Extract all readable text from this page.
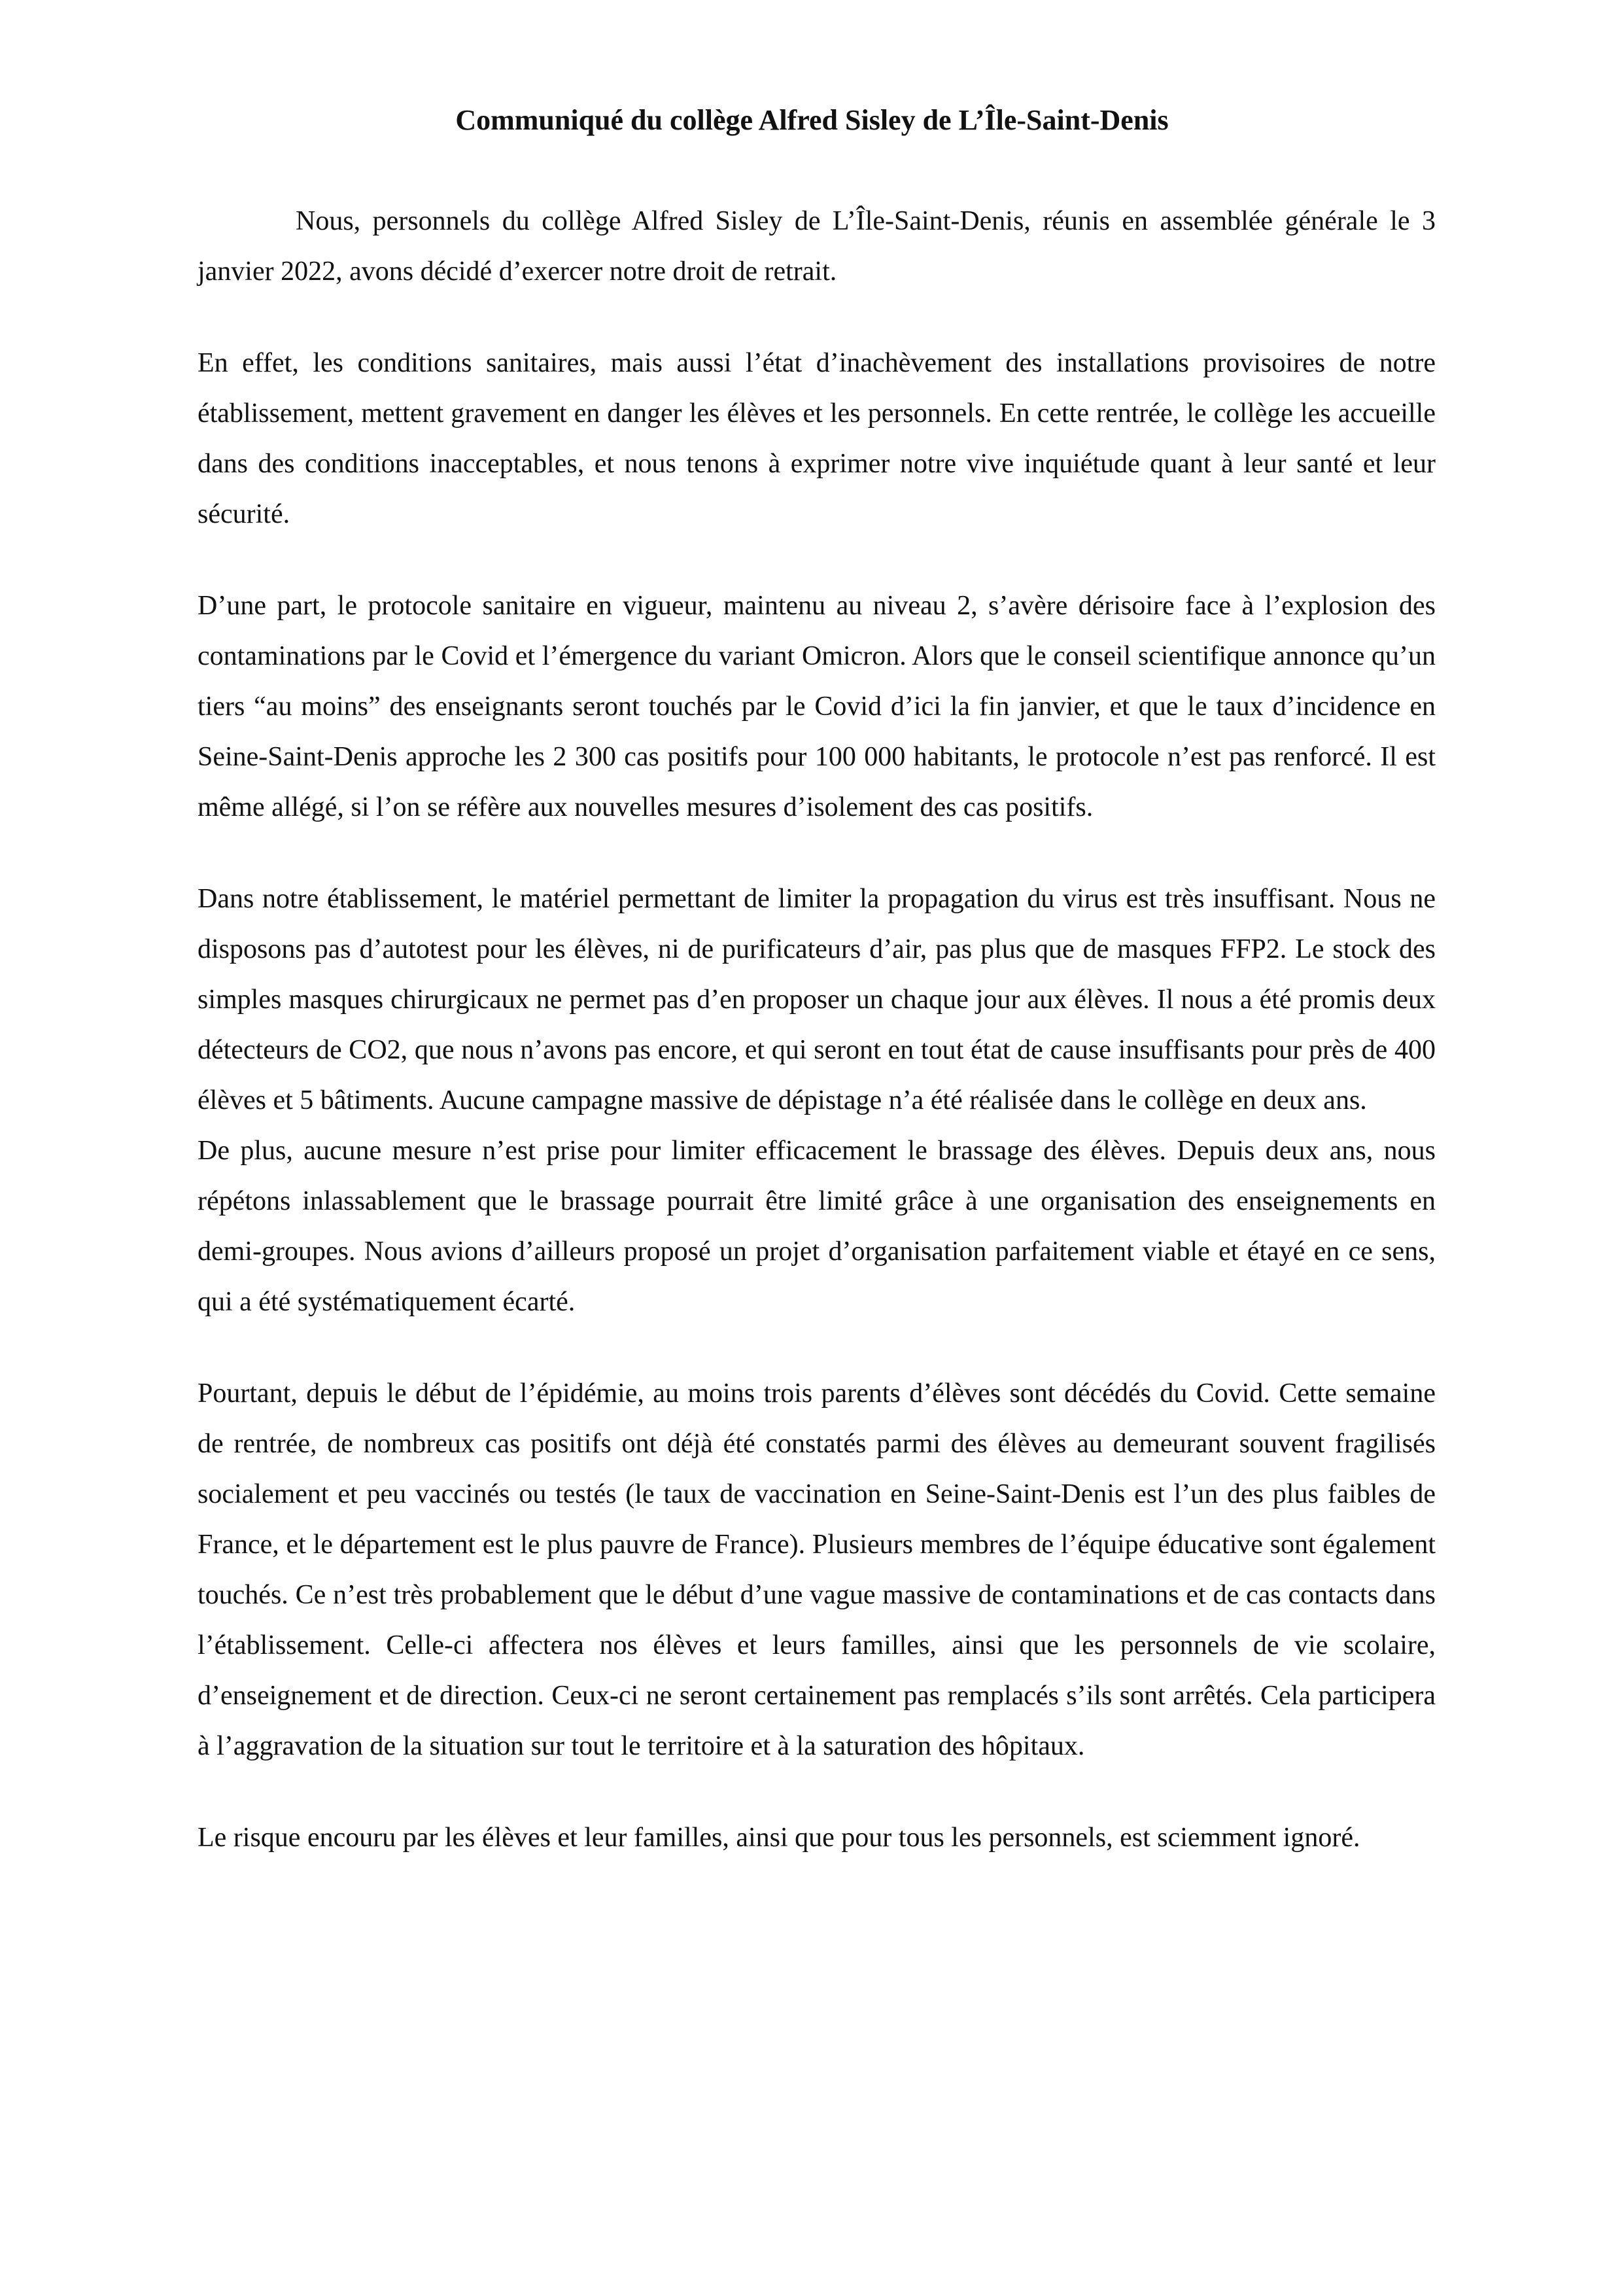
Communiqué du collège Alfred Sisley de L’Île-Saint-Denis

Nous, personnels du collège Alfred Sisley de L’Île-Saint-Denis, réunis en assemblée générale le 3 janvier 2022, avons décidé d’exercer notre droit de retrait.

En effet, les conditions sanitaires, mais aussi l’état d’inachèvement des installations provisoires de notre établissement, mettent gravement en danger les élèves et les personnels. En cette rentrée, le collège les accueille dans des conditions inacceptables, et nous tenons à exprimer notre vive inquiétude quant à leur santé et leur sécurité.

D’une part, le protocole sanitaire en vigueur, maintenu au niveau 2, s’avère dérisoire face à l’explosion des contaminations par le Covid et l’émergence du variant Omicron. Alors que le conseil scientifique annonce qu’un tiers “au moins” des enseignants seront touchés par le Covid d’ici la fin janvier, et que le taux d’incidence en Seine-Saint-Denis approche les 2 300 cas positifs pour 100 000 habitants, le protocole n’est pas renforcé. Il est même allégé, si l’on se réfère aux nouvelles mesures d’isolement des cas positifs.

Dans notre établissement, le matériel permettant de limiter la propagation du virus est très insuffisant. Nous ne disposons pas d’autotest pour les élèves, ni de purificateurs d’air, pas plus que de masques FFP2. Le stock des simples masques chirurgicaux ne permet pas d’en proposer un chaque jour aux élèves. Il nous a été promis deux détecteurs de CO2, que nous n’avons pas encore, et qui seront en tout état de cause insuffisants pour près de 400 élèves et 5 bâtiments. Aucune campagne massive de dépistage n’a été réalisée dans le collège en deux ans.

De plus, aucune mesure n’est prise pour limiter efficacement le brassage des élèves. Depuis deux ans, nous répétons inlassablement que le brassage pourrait être limité grâce à une organisation des enseignements en demi-groupes. Nous avions d’ailleurs proposé un projet d’organisation parfaitement viable et étayé en ce sens, qui a été systématiquement écarté.

Pourtant, depuis le début de l’épidémie, au moins trois parents d’élèves sont décédés du Covid. Cette semaine de rentrée, de nombreux cas positifs ont déjà été constatés parmi des élèves au demeurant souvent fragilisés socialement et peu vaccinés ou testés (le taux de vaccination en Seine-Saint-Denis est l’un des plus faibles de France, et le département est le plus pauvre de France). Plusieurs membres de l’équipe éducative sont également touchés. Ce n’est très probablement que le début d’une vague massive de contaminations et de cas contacts dans l’établissement. Celle-ci affectera nos élèves et leurs familles, ainsi que les personnels de vie scolaire, d’enseignement et de direction. Ceux-ci ne seront certainement pas remplacés s’ils sont arrêtés. Cela participera à l’aggravation de la situation sur tout le territoire et à la saturation des hôpitaux.

Le risque encouru par les élèves et leur familles, ainsi que pour tous les personnels, est sciemment ignoré.
